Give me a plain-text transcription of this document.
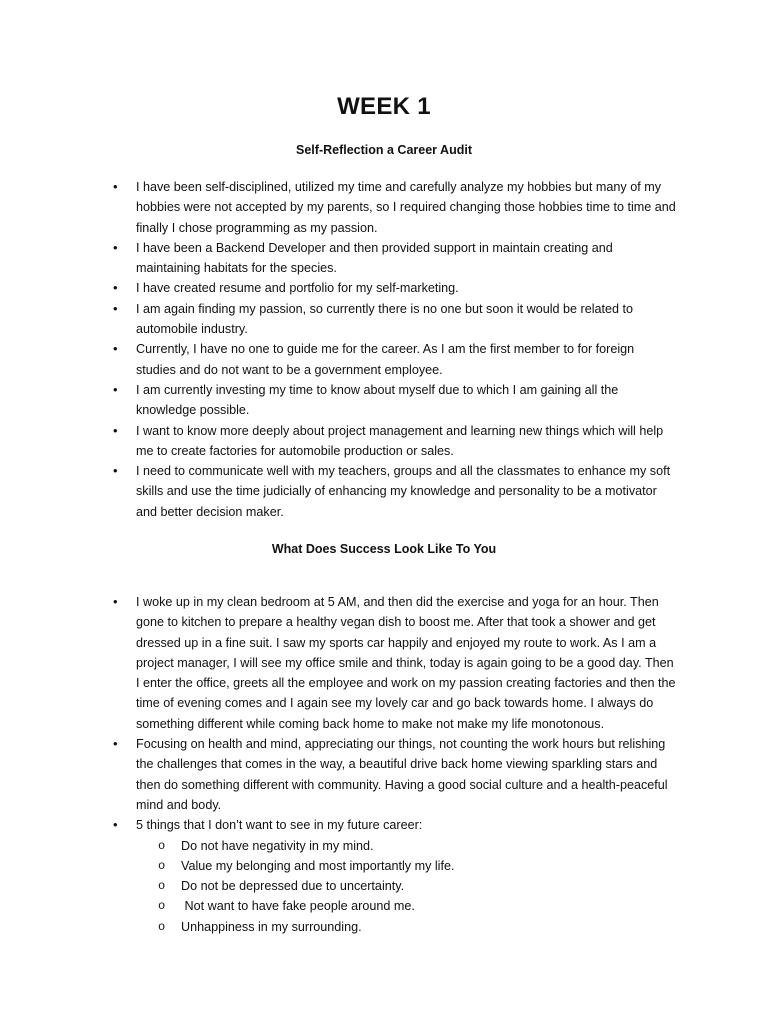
WEEK 1
Self-Reflection a Career Audit
• I have been self-disciplined, utilized my time and carefully analyze my hobbies but many of my hobbies were not accepted by my parents, so I required changing those hobbies time to time and finally I chose programming as my passion.
• I have been a Backend Developer and then provided support in maintain creating and maintaining habitats for the species.
• I have created resume and portfolio for my self-marketing.
• I am again finding my passion, so currently there is no one but soon it would be related to automobile industry.
• Currently, I have no one to guide me for the career. As I am the first member to for foreign studies and do not want to be a government employee.
• I am currently investing my time to know about myself due to which I am gaining all the knowledge possible.
• I want to know more deeply about project management and learning new things which will help me to create factories for automobile production or sales.
• I need to communicate well with my teachers, groups and all the classmates to enhance my soft skills and use the time judicially of enhancing my knowledge and personality to be a motivator and better decision maker.
What Does Success Look Like To You
• I woke up in my clean bedroom at 5 AM, and then did the exercise and yoga for an hour. Then gone to kitchen to prepare a healthy vegan dish to boost me. After that took a shower and get dressed up in a fine suit. I saw my sports car happily and enjoyed my route to work. As I am a project manager, I will see my office smile and think, today is again going to be a good day. Then I enter the office, greets all the employee and work on my passion creating factories and then the time of evening comes and I again see my lovely car and go back towards home. I always do something different while coming back home to make not make my life monotonous.
• Focusing on health and mind, appreciating our things, not counting the work hours but relishing the challenges that comes in the way, a beautiful drive back home viewing sparkling stars and then do something different with community. Having a good social culture and a health-peaceful mind and body.
• 5 things that I don’t want to see in my future career:
o Do not have negativity in my mind.
o Value my belonging and most importantly my life.
o Do not be depressed due to uncertainty.
o Not want to have fake people around me.
o Unhappiness in my surrounding.
